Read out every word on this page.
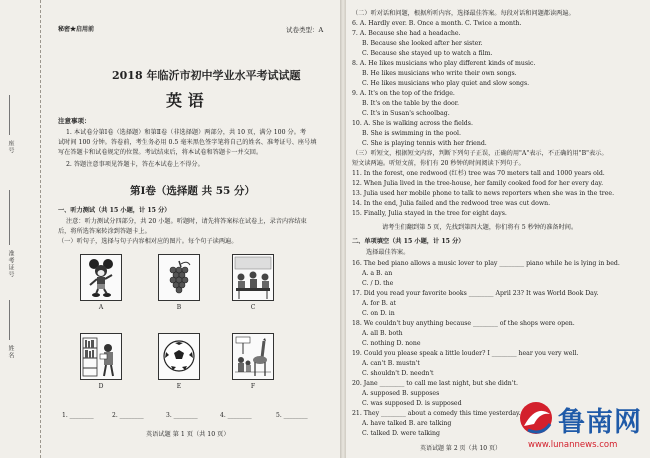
座号
准考证号
姓名
秘密★启用前	试卷类型：A
2018 年临沂市初中学业水平考试试题
英 语
注意事项：
1. 本试卷分第Ⅰ卷（选择题）和第Ⅱ卷（非选择题）两部分，共 10 页，满分 100 分。考
试时间 100 分钟。答卷前，考生务必用 0.5 毫米黑色签字笔将自己的姓名、准考证号、座号填
写在答题卡和试卷规定的位置。考试结束后，将本试卷和答题卡一并交回。
2. 答题注意事项见答题卡，答在本试卷上不得分。
第Ⅰ卷（选择题 共 55 分）
一、听力测试（共 15 小题，计 15 分）
注意：听力测试分四部分，共 20 小题。听题时，请先将答案标在试卷上，录音内容结束
后，将所选答案转涂到答题卡上。
（一）听句子，选择与句子内容相对应的图片。每个句子读两遍。
A	B	C
D	E	F
1. ________	2. ________	3. ________	4. ________	5. ________
英语试题 第 1 页（共 10 页）
（二）听对话和问题，根据所听内容，选择最佳答案。每段对话和问题都读两遍。
6. A. Hardly ever. B. Once a month. C. Twice a month.
7. A. Because she had a headache.
B. Because she looked after her sister.
C. Because she stayed up to watch a film.
8. A. He likes musicians who play different kinds of music.
B. He likes musicians who write their own songs.
C. He likes musicians who play quiet and slow songs.
9. A. It's on the top of the fridge.
B. It's on the table by the door.
C. It's in Susan's schoolbag.
10. A. She is walking across the fields.
B. She is swimming in the pool.
C. She is playing tennis with her friend.
（三）听短文，根据短文内容，判断下列句子正误，正确的用"A"表示，不正确的用"B"表示。
短文读两遍。听短文前，你们有 20 秒钟的时间阅读下列句子。
11. In the forest, one redwood (红杉) tree was 70 meters tall and 1000 years old.
12. When Julia lived in the tree-house, her family cooked food for her every day.
13. Julia used her mobile phone to talk to news reporters when she was in the tree.
14. In the end, Julia failed and the redwood tree was cut down.
15. Finally, Julia stayed in the tree for eight days.
请考生们翻到第 5 页，先找到第四大题，你们将有 5 秒钟的准备时间。
二、单项填空（共 15 小题，计 15 分）
选择最佳答案。
16. The bed piano allows a music lover to play ________ piano while he is lying in bed.
A. a B. an
C. / D. the
17. Did you read your favorite books ________ April 23? It was World Book Day.
A. for B. at
C. on D. in
18. We couldn't buy anything because ________ of the shops were open.
A. all B. both
C. nothing D. none
19. Could you please speak a little louder? I ________ hear you very well.
A. can't B. mustn't
C. shouldn't D. needn't
20. Jane ________ to call me last night, but she didn't.
A. supposed B. supposes
C. was supposed D. is supposed
21. They ________ about a comedy this time yesterday.
A. have talked B. are talking
C. talked D. were talking
英语试题 第 2 页（共 10 页）
鲁南网
www.lunannews.com
